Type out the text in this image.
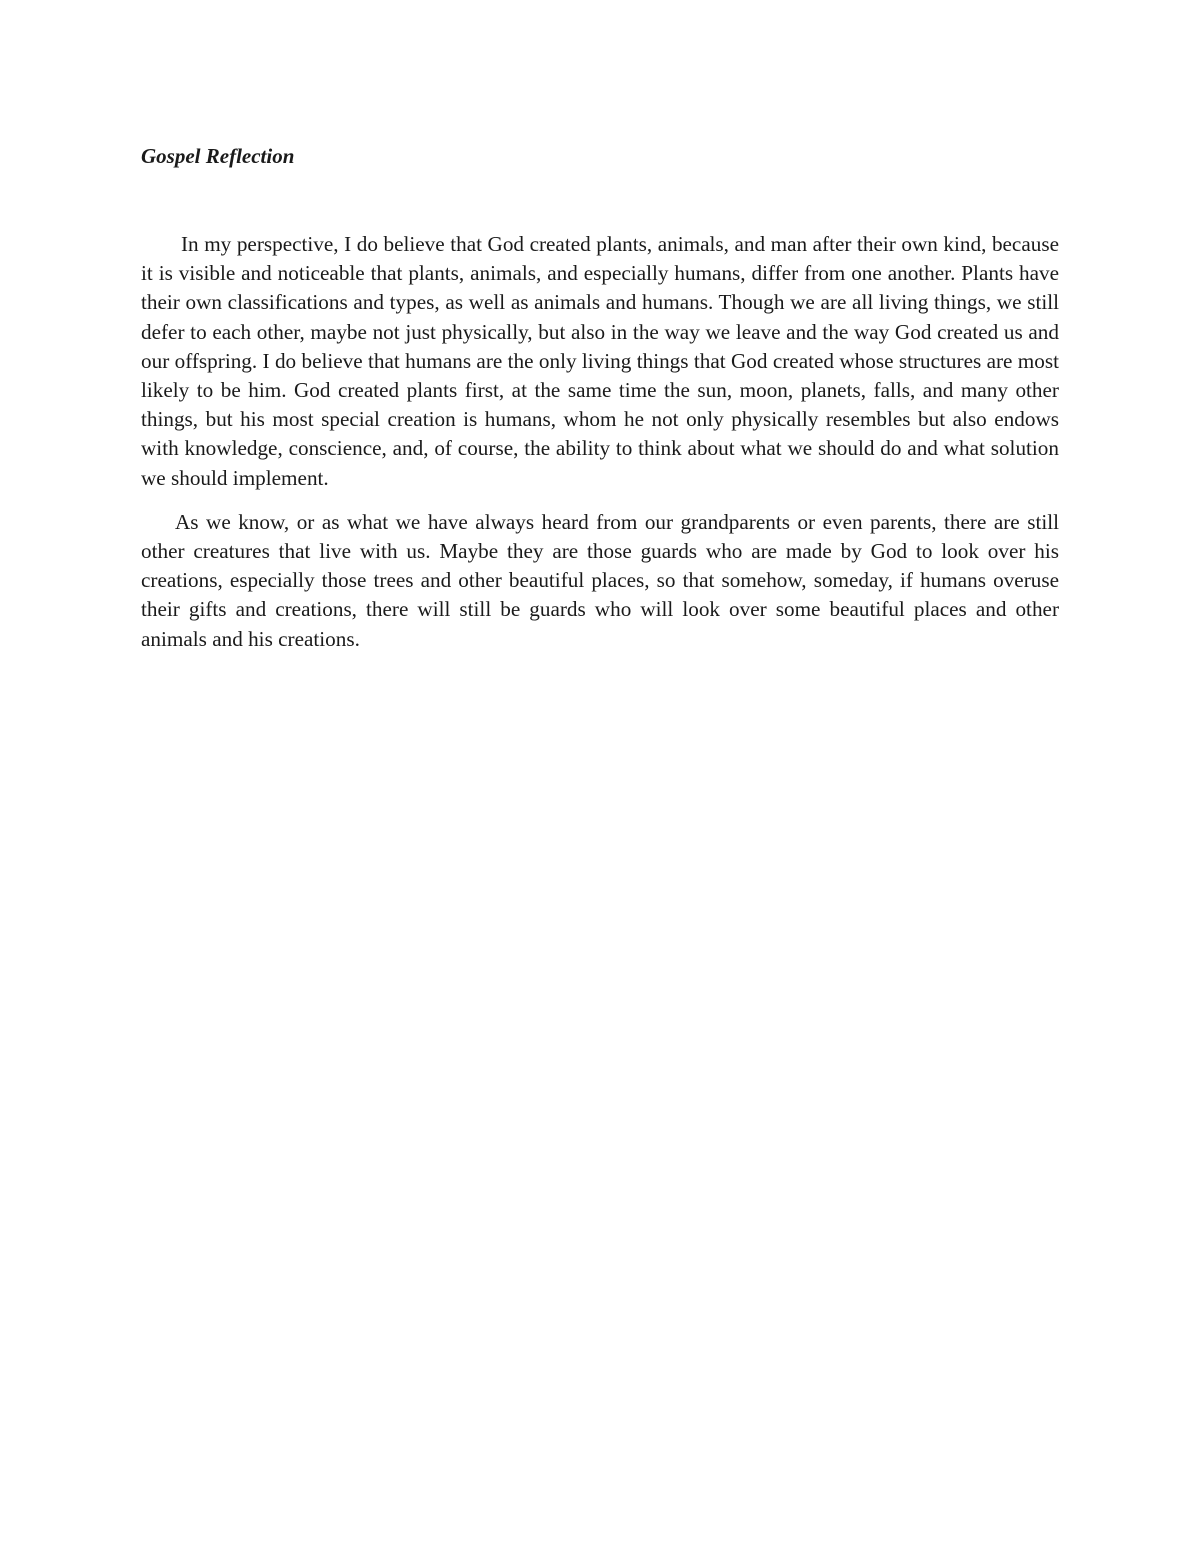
Gospel Reflection

In my perspective, I do believe that God created plants, animals, and man after their own kind, because it is visible and noticeable that plants, animals, and especially humans, differ from one another. Plants have their own classifications and types, as well as animals and humans. Though we are all living things, we still defer to each other, maybe not just physically, but also in the way we leave and the way God created us and our offspring. I do believe that humans are the only living things that God created whose structures are most likely to be him. God created plants first, at the same time the sun, moon, planets, falls, and many other things, but his most special creation is humans, whom he not only physically resembles but also endows with knowledge, conscience, and, of course, the ability to think about what we should do and what solution we should implement.

As we know, or as what we have always heard from our grandparents or even parents, there are still other creatures that live with us. Maybe they are those guards who are made by God to look over his creations, especially those trees and other beautiful places, so that somehow, someday, if humans overuse their gifts and creations, there will still be guards who will look over some beautiful places and other animals and his creations.
